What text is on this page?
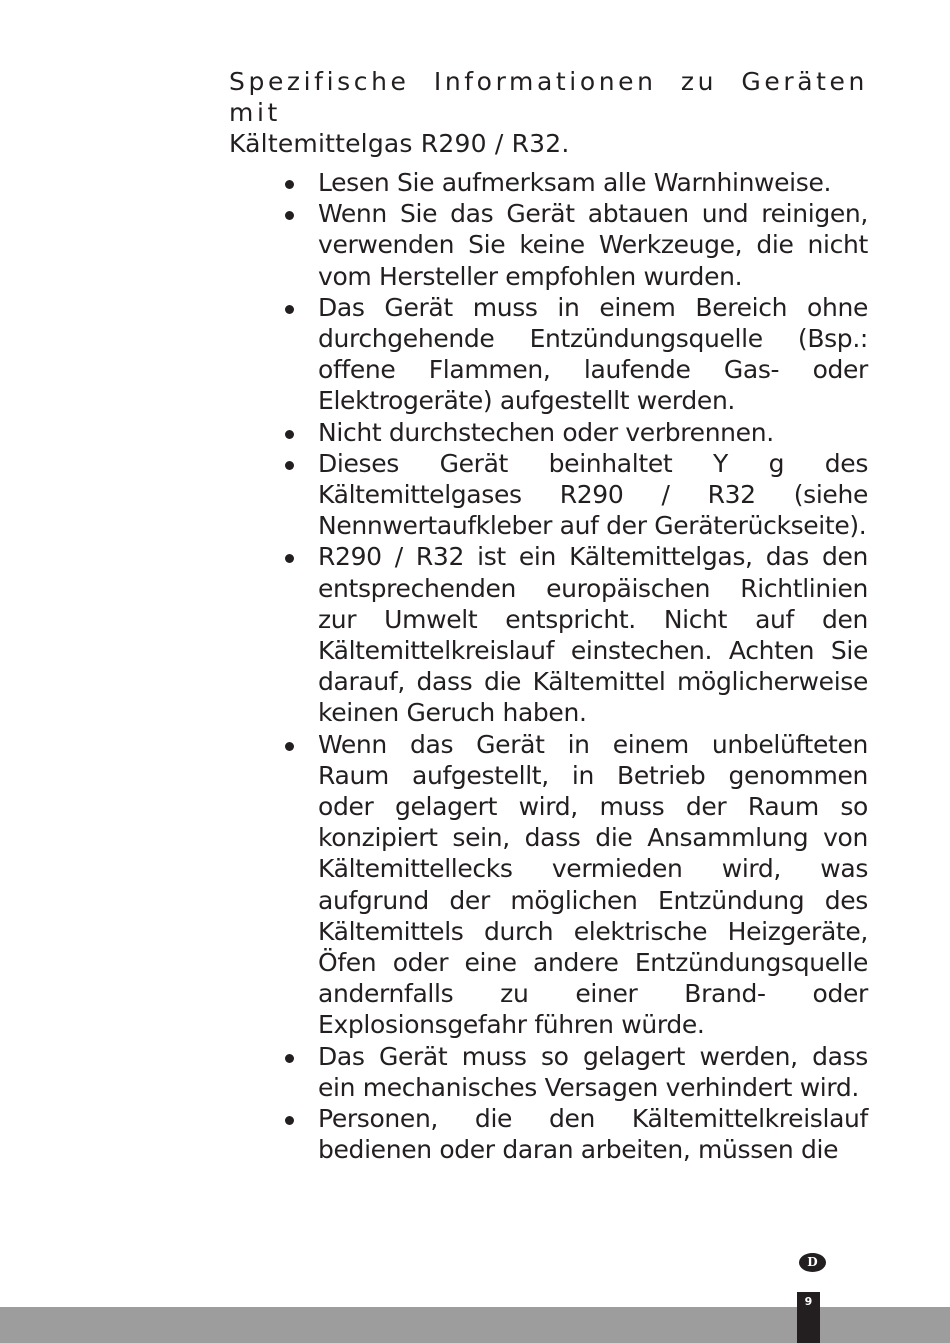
Spezifische Informationen zu Geräten mit
Kältemittelgas R290 / R32.

Lesen Sie aufmerksam alle Warnhinweise.
Wenn Sie das Gerät abtauen und reinigen, verwenden Sie keine Werkzeuge, die nicht vom Hersteller empfohlen wurden.
Das Gerät muss in einem Bereich ohne durchgehende Entzündungsquelle (Bsp.: offene Flammen, laufende Gas- oder Elektrogeräte) aufgestellt werden.
Nicht durchstechen oder verbrennen.
Dieses Gerät beinhaltet Y g des Kältemittelgases R290 / R32 (siehe Nennwertaufkleber auf der Geräterückseite).
R290 / R32 ist ein Kältemittelgas, das den entsprechenden europäischen Richtlinien zur Umwelt entspricht. Nicht auf den Kältemittelkreislauf einstechen. Achten Sie darauf, dass die Kältemittel möglicherweise keinen Geruch haben.
Wenn das Gerät in einem unbelüfteten Raum aufgestellt, in Betrieb genommen oder gelagert wird, muss der Raum so konzipiert sein, dass die Ansammlung von Kältemittellecks vermieden wird, was aufgrund der möglichen Entzündung des Kältemittels durch elektrische Heizgeräte, Öfen oder eine andere Entzündungsquelle andernfalls zu einer Brand- oder Explosionsgefahr führen würde.
Das Gerät muss so gelagert werden, dass ein mechanisches Versagen verhindert wird.
Personen, die den Kältemittelkreislauf bedienen oder daran arbeiten, müssen die
D
9
